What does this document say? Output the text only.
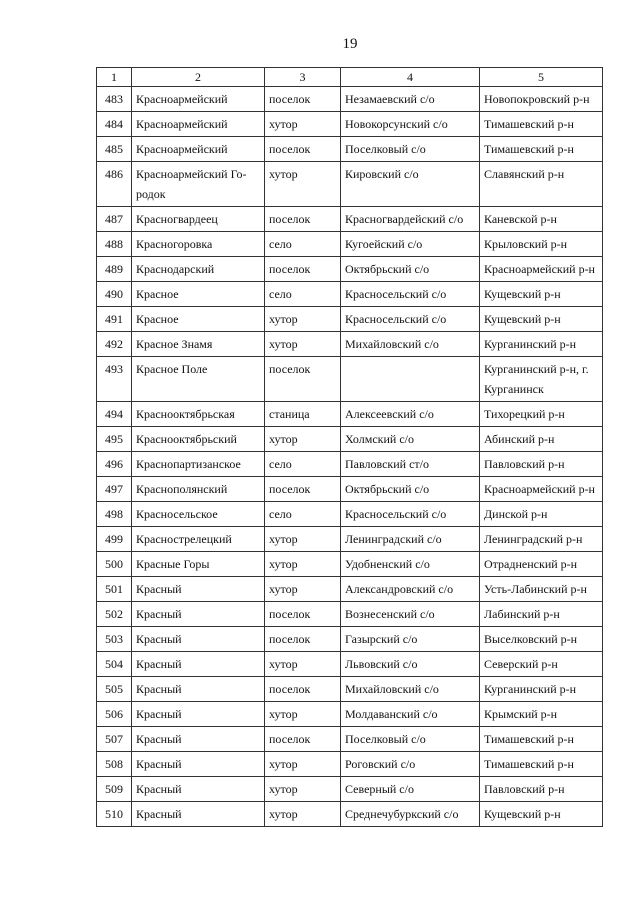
19
1	2	3	4	5
483	Красноармейский	поселок	Незамаевский с/о	Новопокровский р-н
484	Красноармейский	хутор	Новокорсунский с/о	Тимашевский р-н
485	Красноармейский	поселок	Поселковый с/о	Тимашевский р-н
486	Красноармейский Го-родок	хутор	Кировский с/о	Славянский р-н
487	Красногвардеец	поселок	Красногвардейский с/о	Каневской р-н
488	Красногоровка	село	Кугоейский с/о	Крыловский р-н
489	Краснодарский	поселок	Октябрьский с/о	Красноармейский р-н
490	Красное	село	Красносельский с/о	Кущевский р-н
491	Красное	хутор	Красносельский с/о	Кущевский р-н
492	Красное Знамя	хутор	Михайловский с/о	Курганинский р-н
493	Красное Поле	поселок		Курганинский р-н, г. Курганинск
494	Краснооктябрьская	станица	Алексеевский с/о	Тихорецкий р-н
495	Краснооктябрьский	хутор	Холмский с/о	Абинский р-н
496	Краснопартизанское	село	Павловский ст/о	Павловский р-н
497	Краснополянский	поселок	Октябрьский с/о	Красноармейский р-н
498	Красносельское	село	Красносельский с/о	Динской р-н
499	Краснострелецкий	хутор	Ленинградский с/о	Ленинградский р-н
500	Красные Горы	хутор	Удобненский с/о	Отрадненский р-н
501	Красный	хутор	Александровский с/о	Усть-Лабинский р-н
502	Красный	поселок	Вознесенский с/о	Лабинский р-н
503	Красный	поселок	Газырский с/о	Выселковский р-н
504	Красный	хутор	Львовский с/о	Северский р-н
505	Красный	поселок	Михайловский с/о	Курганинский р-н
506	Красный	хутор	Молдаванский с/о	Крымский р-н
507	Красный	поселок	Поселковый с/о	Тимашевский р-н
508	Красный	хутор	Роговский с/о	Тимашевский р-н
509	Красный	хутор	Северный с/о	Павловский р-н
510	Красный	хутор	Среднечубуркский с/о	Кущевский р-н
